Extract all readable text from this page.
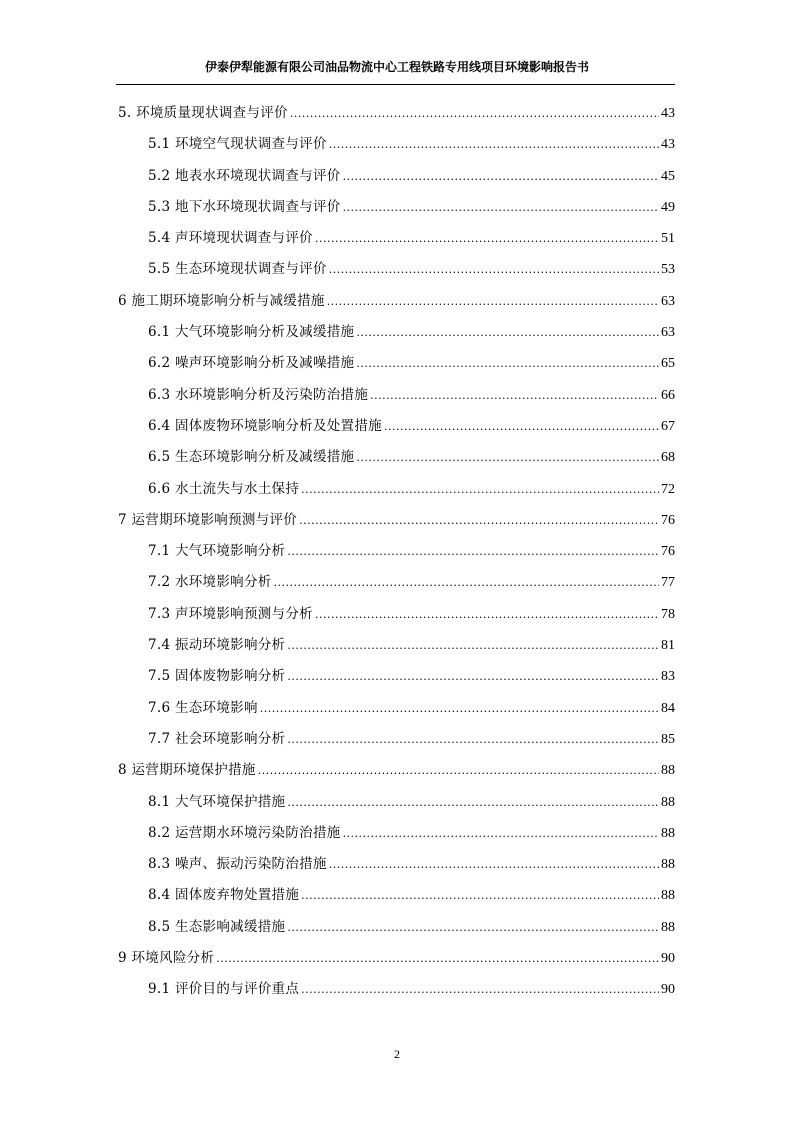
伊泰伊犁能源有限公司油品物流中心工程铁路专用线项目环境影响报告书
5. 环境质量现状调查与评价 .....	43
5.1 环境空气现状调查与评价 .....	43
5.2 地表水环境现状调查与评价 .....	45
5.3 地下水环境现状调查与评价 .....	49
5.4 声环境现状调查与评价 .....	51
5.5 生态环境现状调查与评价 .....	53
6 施工期环境影响分析与减缓措施 .....	63
6.1 大气环境影响分析及减缓措施 .....	63
6.2 噪声环境影响分析及减噪措施 .....	65
6.3 水环境影响分析及污染防治措施 .....	66
6.4 固体废物环境影响分析及处置措施 .....	67
6.5 生态环境影响分析及减缓措施 .....	68
6.6 水土流失与水土保持 .....	72
7 运营期环境影响预测与评价 .....	76
7.1 大气环境影响分析 .....	76
7.2 水环境影响分析 .....	77
7.3 声环境影响预测与分析 .....	78
7.4 振动环境影响分析 .....	81
7.5 固体废物影响分析 .....	83
7.6 生态环境影响 .....	84
7.7 社会环境影响分析 .....	85
8 运营期环境保护措施 .....	88
8.1 大气环境保护措施 .....	88
8.2 运营期水环境污染防治措施 .....	88
8.3 噪声、振动污染防治措施 .....	88
8.4 固体废弃物处置措施 .....	88
8.5 生态影响减缓措施 .....	88
9 环境风险分析 .....	90
9.1 评价目的与评价重点 .....	90
2
